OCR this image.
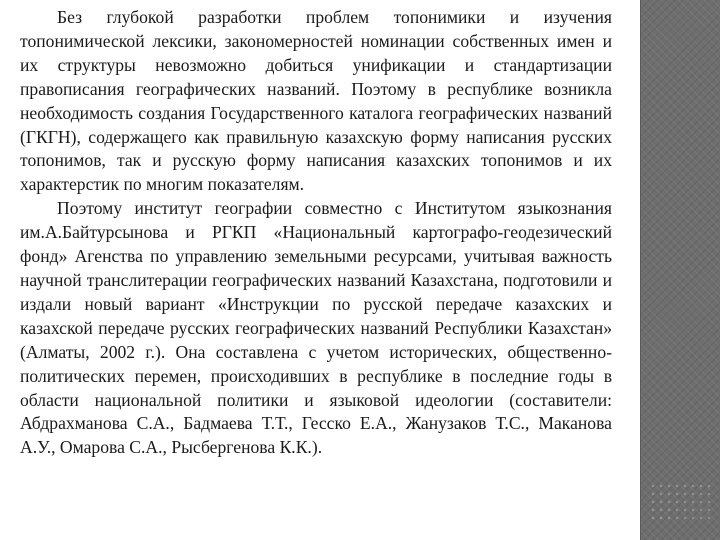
Без глубокой разработки проблем топонимики и изучения топонимической лексики, закономерностей номинации собственных имен и их структуры невозможно добиться унификации и стандартизации правописания географических названий. Поэтому в республике возникла необходимость создания Государственного каталога географических названий (ГКГН), содержащего как правильную казахскую форму написания русских топонимов, так и русскую форму написания казахских топонимов и их характерстик по многим показателям.

Поэтому институт географии совместно с Институтом языкознания им.А.Байтурсынова и РГКП «Национальный картографо-геодезический фонд» Агенства по управлению земельными ресурсами, учитывая важность научной транслитерации географических названий Казахстана, подготовили и издали новый вариант «Инструкции по русской передаче казахских и казахской передаче русских географических названий Республики Казахстан» (Алматы, 2002 г.). Она составлена с учетом исторических, общественно-политических перемен, происходивших в республике в последние годы в области национальной политики и языковой идеологии (составители: Абдрахманова С.А., Бадмаева Т.Т., Гесско Е.А., Жанузаков Т.С., Маканова А.У., Омарова С.А., Рысбергенова К.К.).
